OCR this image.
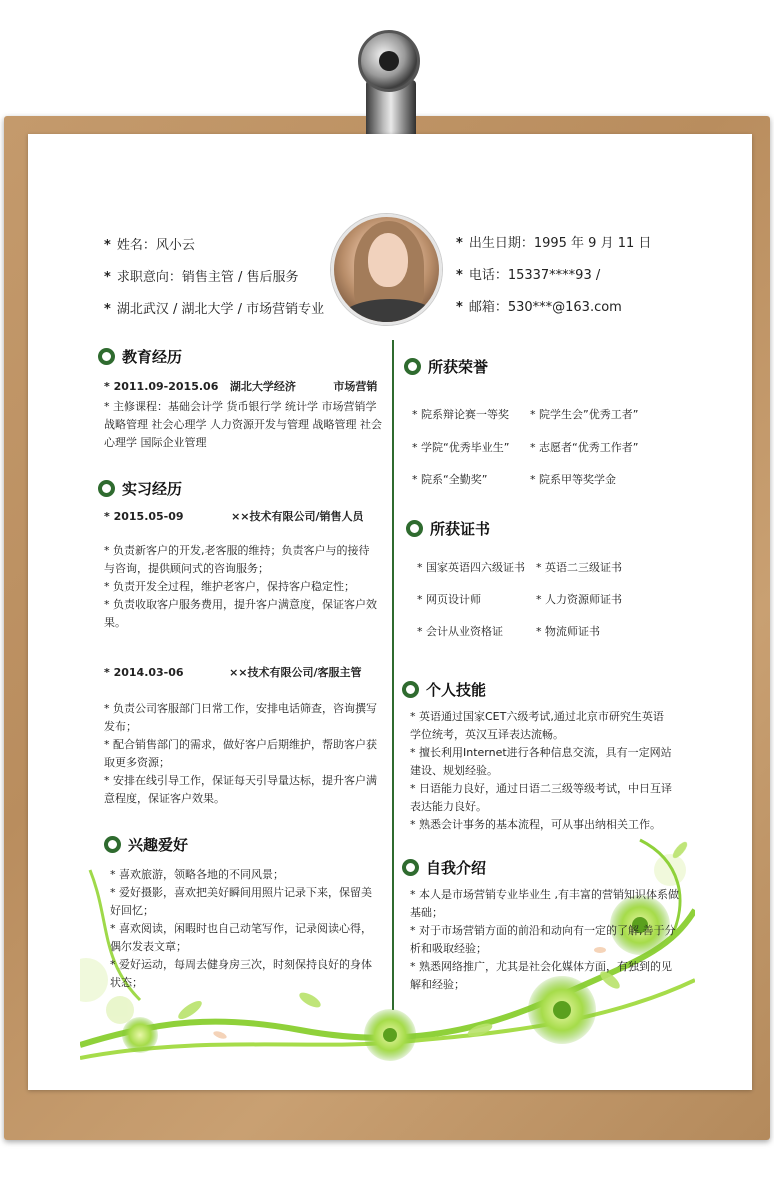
* 姓名：风小云
* 求职意向：销售主管 / 售后服务
* 湖北武汉 / 湖北大学 / 市场营销专业
* 出生日期：1995 年 9 月 11 日
* 电话：15337****93 /
* 邮箱：530***@163.com
教育经历
* 2011.09-2015.06 湖北大学经济	市场营销
* 主修课程：基础会计学 货币银行学 统计学 市场营销学 战略管理 社会心理学 人力资源开发与管理 战略管理 社会心理学 国际企业管理
实习经历
* 2015.05-09	××技术有限公司/销售人员
* 负责新客户的开发,老客服的维持；负责客户与的接待与咨询，提供顾问式的咨询服务；
* 负责开发全过程，维护老客户，保持客户稳定性；
* 负责收取客户服务费用，提升客户满意度，保证客户效果。
* 2014.03-06	××技术有限公司/客服主管
* 负责公司客服部门日常工作，安排电话筛查，咨询撰写发布；
* 配合销售部门的需求，做好客户后期维护，帮助客户获取更多资源；
* 安排在线引导工作，保证每天引导量达标，提升客户满意程度，保证客户效果。
兴趣爱好
所获荣誉
* 院系辩论赛一等奖 * 院学生会”优秀工者”
* 学院“优秀毕业生” * 志愿者“优秀工作者”
* 院系“全勤奖”	* 院系甲等奖学金
所获证书
* 国家英语四六级证书 * 英语二三级证书
* 网页设计师	* 人力资源师证书
* 会计从业资格证	* 物流师证书
个人技能
* 英语通过国家CET六级考试,通过北京市研究生英语学位统考，英汉互译表达流畅。
* 擅长利用Internet进行各种信息交流，具有一定网站建设、规划经验。
* 日语能力良好，通过日语二三级等级考试，中日互译表达能力良好。
* 熟悉会计事务的基本流程，可从事出纳相关工作。
* 喜欢旅游，领略各地的不同风景；
* 爱好摄影，喜欢把美好瞬间用照片记录下来，保留美好回忆；
* 喜欢阅读，闲暇时也自己动笔写作，记录阅读心得，偶尔发表文章；
* 爱好运动，每周去健身房三次，时刻保持良好的身体状态；
自我介绍
* 本人是市场营销专业毕业生 ,有丰富的营销知识体系做基础；
* 对于市场营销方面的前沿和动向有一定的了解,善于分析和吸取经验；
* 熟悉网络推广，尤其是社会化媒体方面，有独到的见解和经验；
